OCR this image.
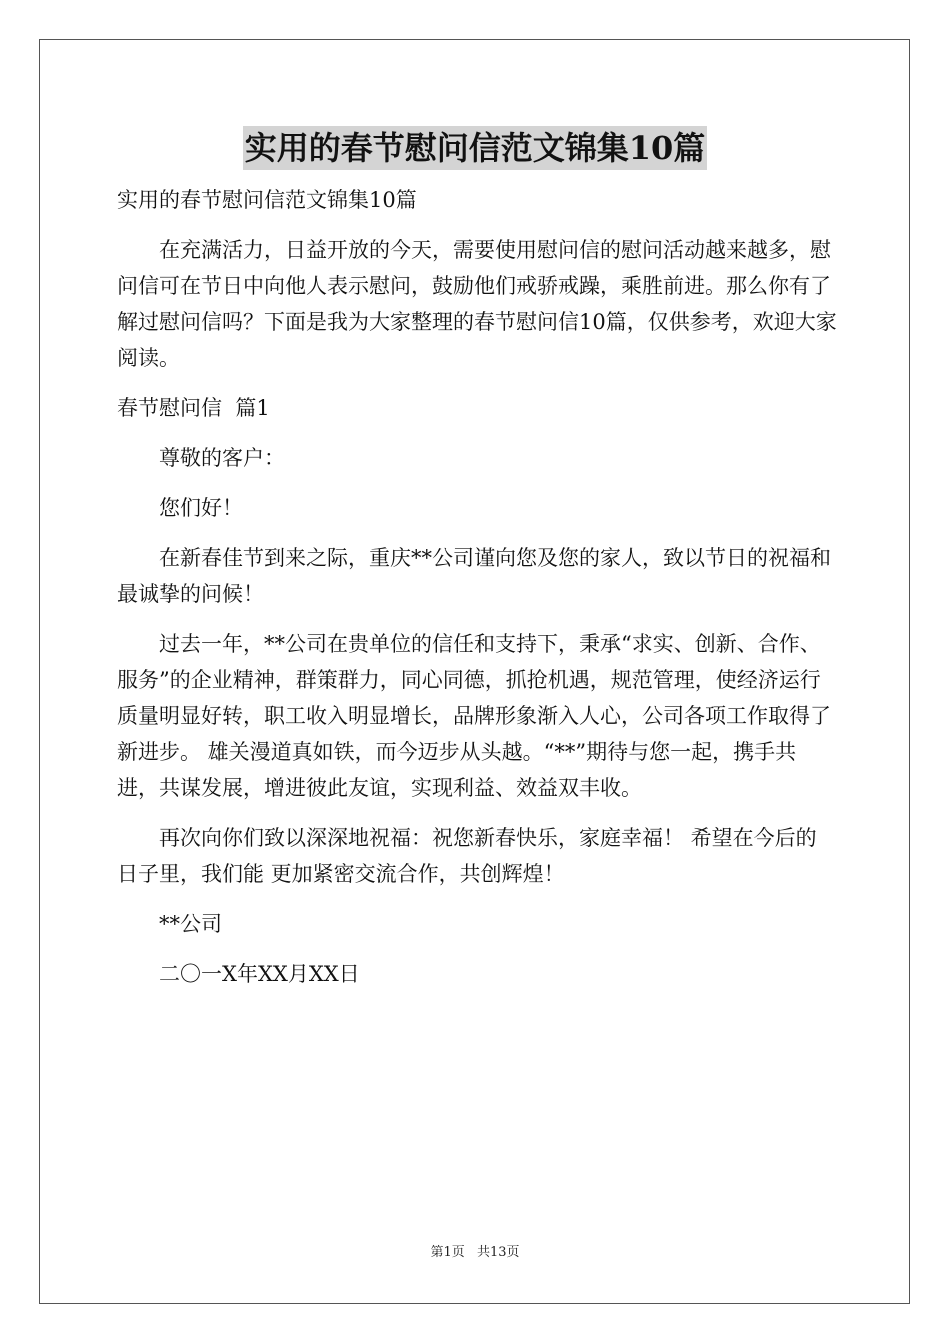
实用的春节慰问信范文锦集10篇

实用的春节慰问信范文锦集10篇

在充满活力，日益开放的今天，需要使用慰问信的慰问活动越来越多，慰问信可在节日中向他人表示慰问，鼓励他们戒骄戒躁，乘胜前进。那么你有了解过慰问信吗？下面是我为大家整理的春节慰问信10篇，仅供参考，欢迎大家阅读。

春节慰问信  篇1

尊敬的客户：

您们好！

在新春佳节到来之际，重庆**公司谨向您及您的家人，致以节日的祝福和最诚挚的问候！

过去一年，**公司在贵单位的信任和支持下，秉承“求实、创新、合作、服务”的企业精神，群策群力，同心同德，抓抢机遇，规范管理，使经济运行质量明显好转，职工收入明显增长，品牌形象渐入人心，公司各项工作取得了新进步。 雄关漫道真如铁，而今迈步从头越。“**”期待与您一起，携手共进，共谋发展，增进彼此友谊，实现利益、效益双丰收。

再次向你们致以深深地祝福：祝您新春快乐，家庭幸福！ 希望在今后的日子里，我们能 更加紧密交流合作，共创辉煌！

**公司

二〇一X年XX月XX日

第1页 共13页
